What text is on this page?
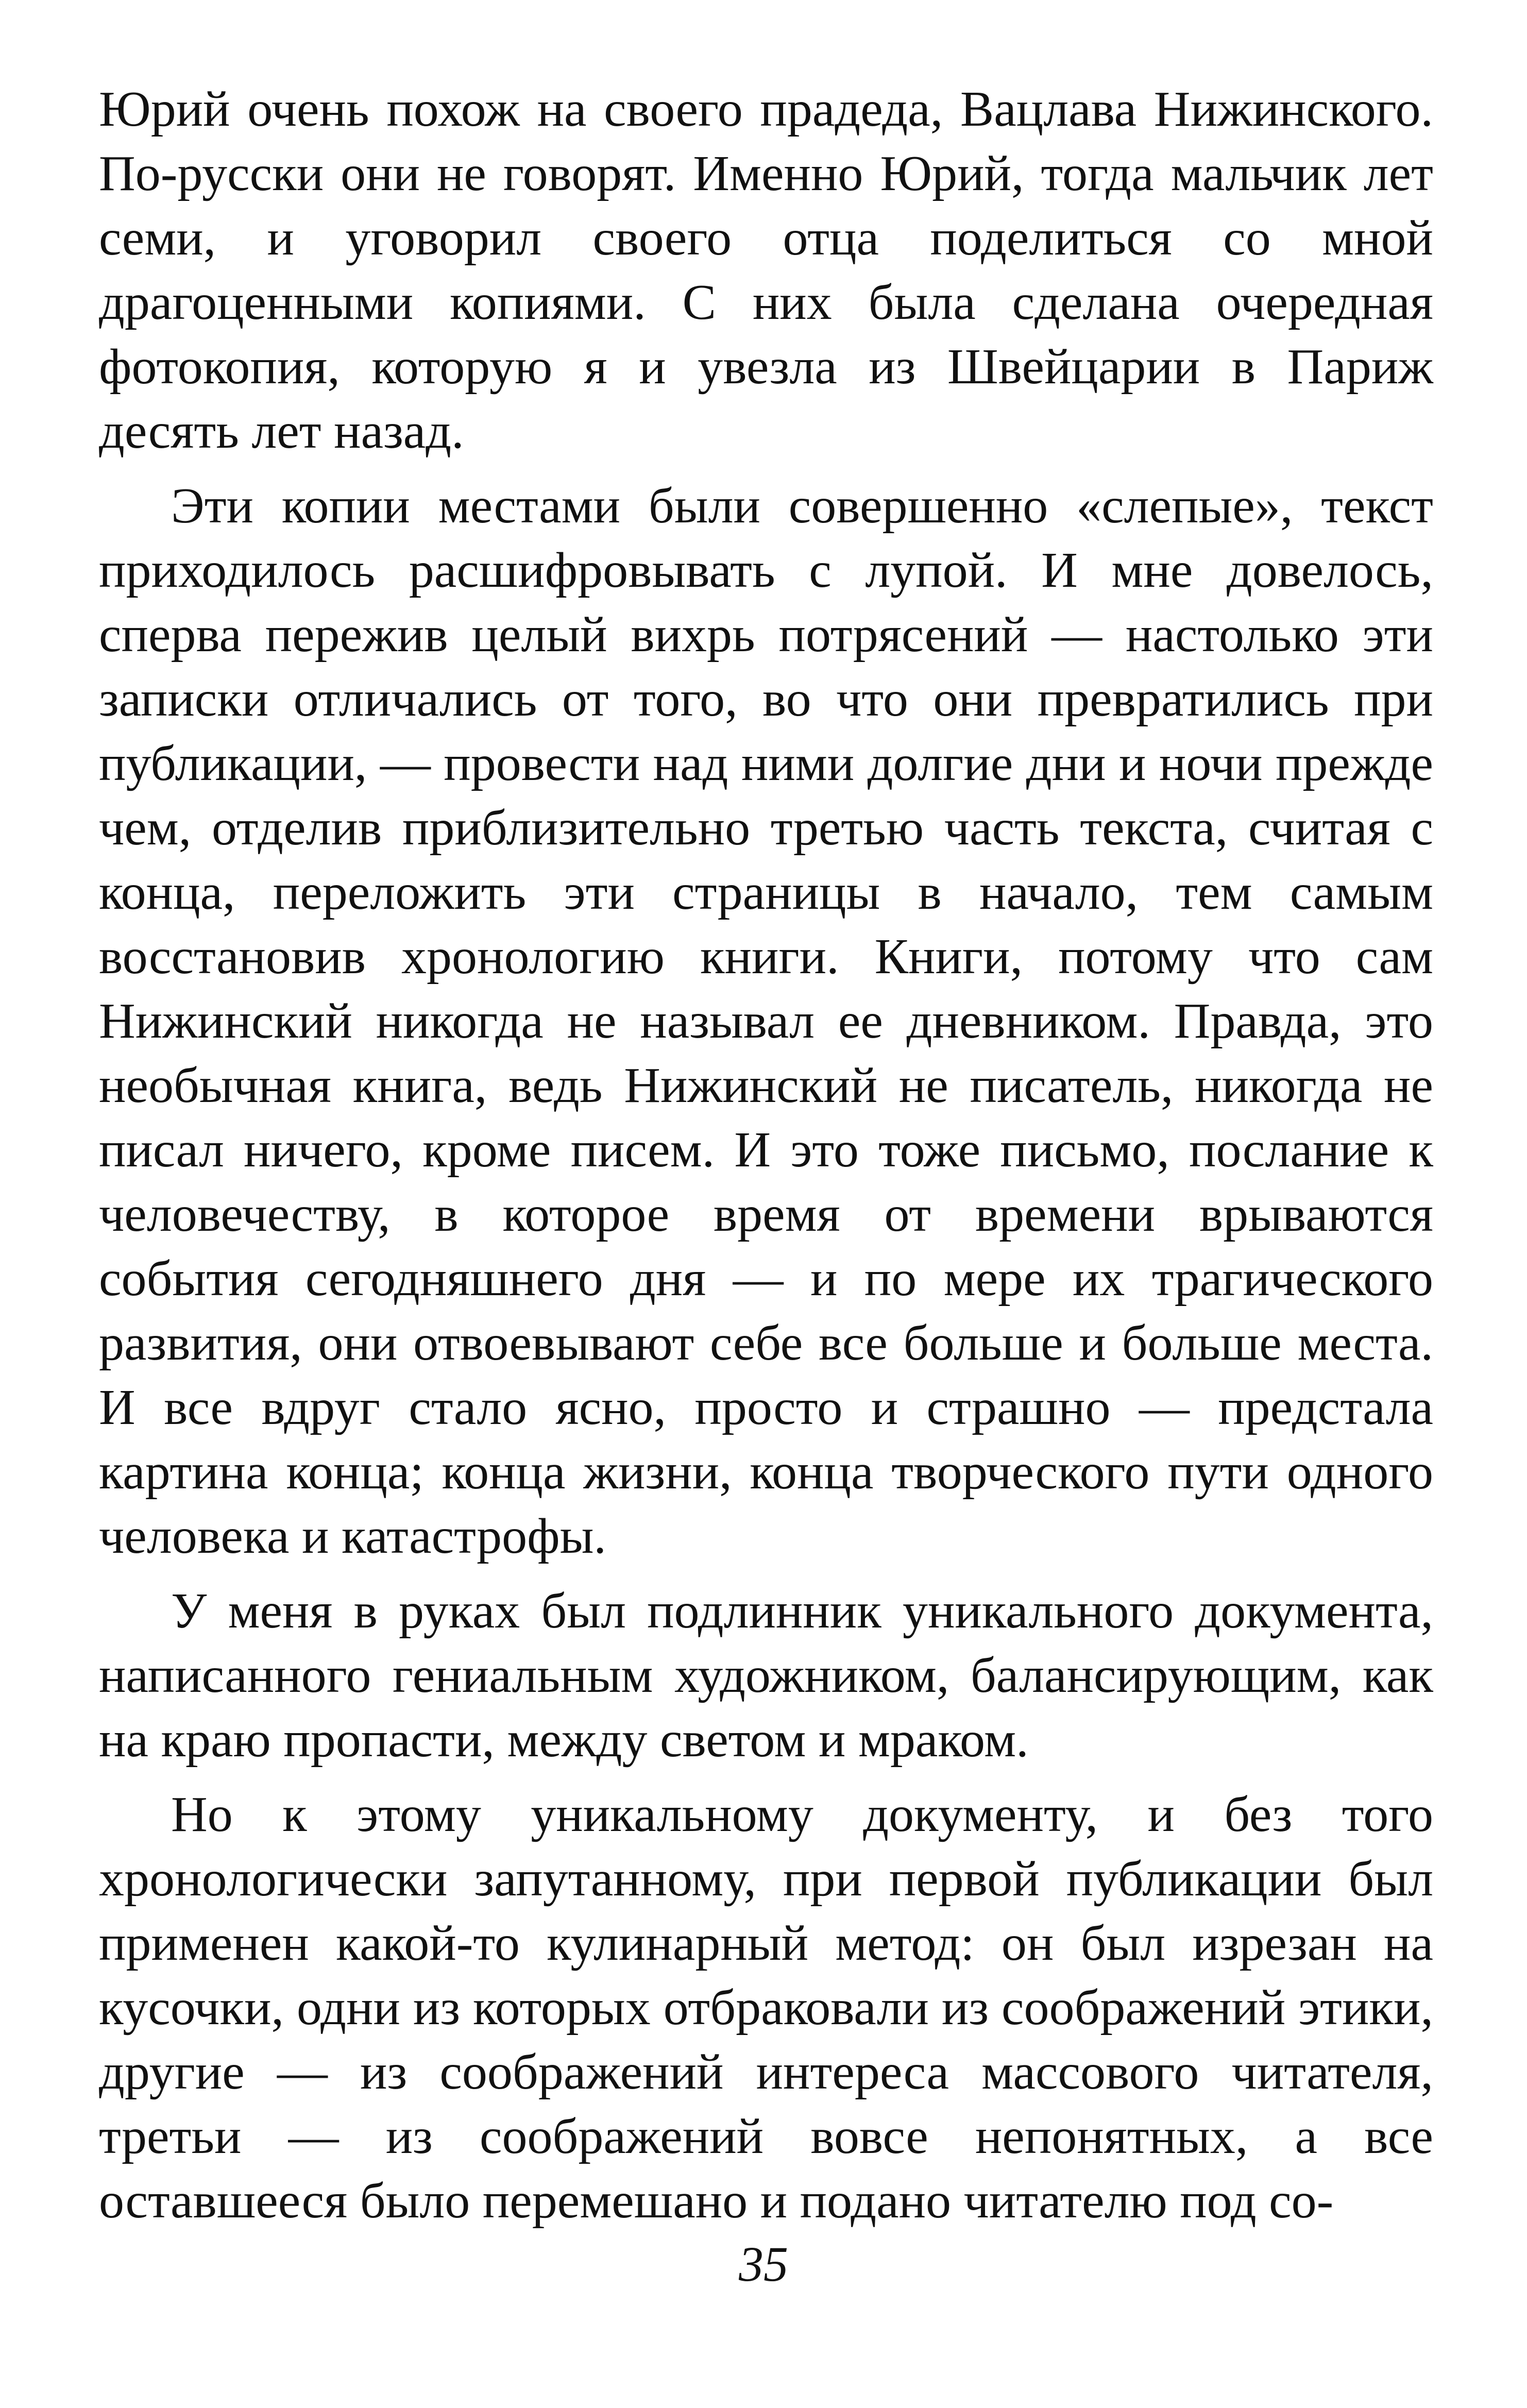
Юрий очень похож на своего прадеда, Вацлава Нижинского. По-русски они не говорят. Именно Юрий, тогда мальчик лет семи, и уговорил своего отца поделиться со мной драгоценными копиями. С них была сделана очередная фотокопия, которую я и увезла из Швейцарии в Париж десять лет назад.

Эти копии местами были совершенно «слепые», текст приходилось расшифровывать с лупой. И мне довелось, сперва пережив целый вихрь потрясений — настолько эти записки отличались от того, во что они превратились при публикации, — провести над ними долгие дни и ночи прежде чем, отделив приблизительно третью часть текста, считая с конца, переложить эти страницы в начало, тем самым восстановив хронологию книги. Книги, потому что сам Нижинский никогда не называл ее дневником. Правда, это необычная книга, ведь Нижинский не писатель, никогда не писал ничего, кроме писем. И это тоже письмо, послание к человечеству, в которое время от времени врываются события сегодняшнего дня — и по мере их трагического развития, они отвоевывают себе все больше и больше места. И все вдруг стало ясно, просто и страшно — предстала картина конца; конца жизни, конца творческого пути одного человека и катастрофы.

У меня в руках был подлинник уникального документа, написанного гениальным художником, балансирующим, как на краю пропасти, между светом и мраком.

Но к этому уникальному документу, и без того хронологически запутанному, при первой публикации был применен какой-то кулинарный метод: он был изрезан на кусочки, одни из которых отбраковали из соображений этики, другие — из соображений интереса массового читателя, третьи — из соображений вовсе непонятных, а все оставшееся было перемешано и подано читателю под со-

35
